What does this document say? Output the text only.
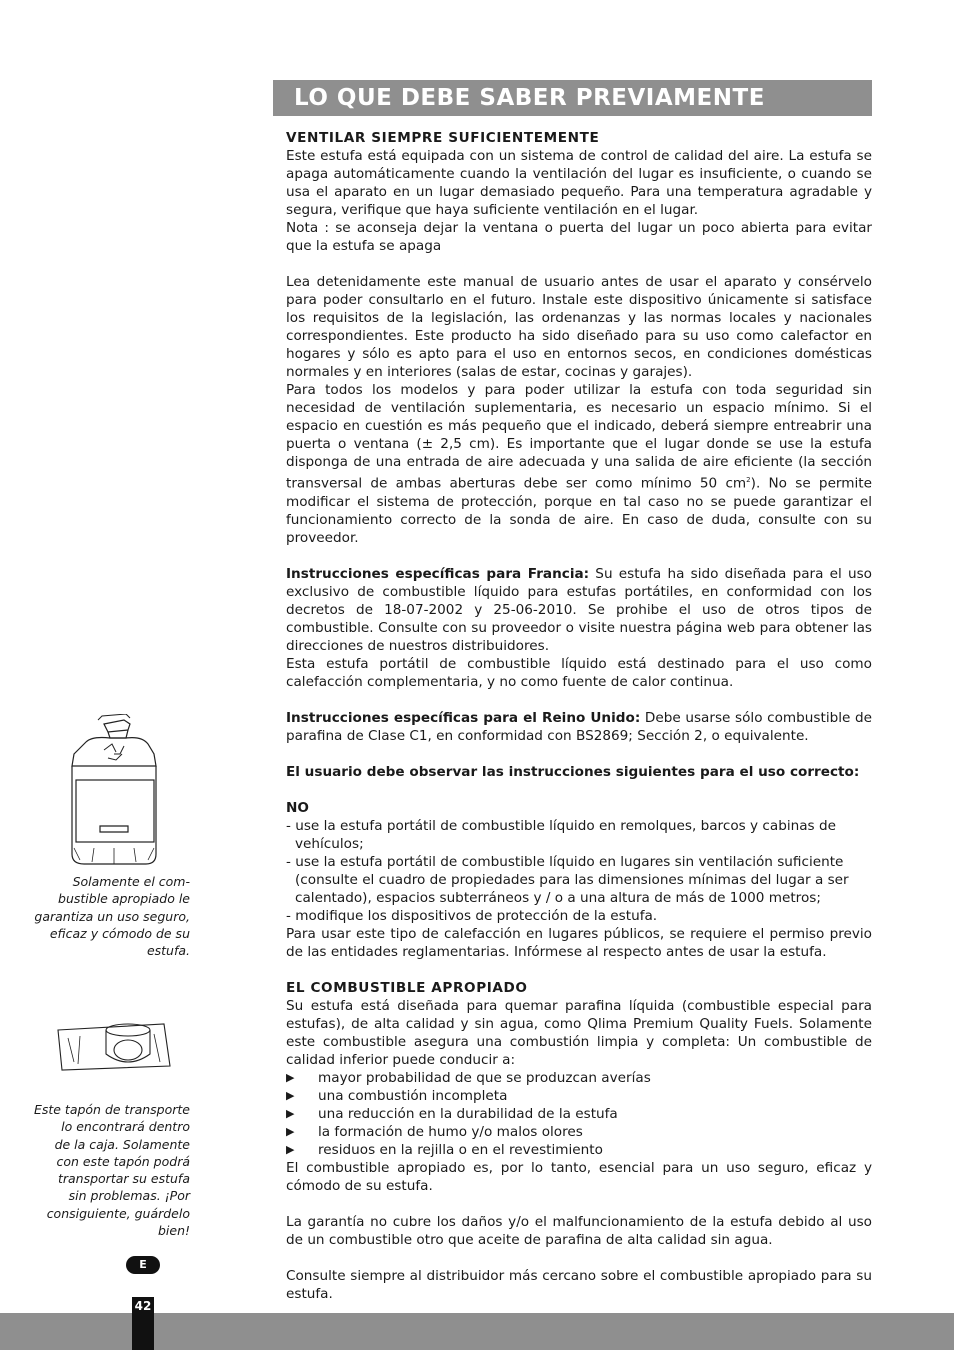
LO QUE DEBE SABER PREVIAMENTE
VENTILAR SIEMPRE SUFICIENTEMENTE

Este estufa está equipada con un sistema de control de calidad del aire. La estufa se apaga automáticamente cuando la ventilación del lugar es insuficiente, o cuando se usa el aparato en un lugar demasiado pequeño. Para una temperatura agradable y segura, verifique que haya suficiente ventilación en el lugar.

Nota : se aconseja dejar la ventana o puerta del lugar un poco abierta para evitar que la estufa se apaga

Lea detenidamente este manual de usuario antes de usar el aparato y consérvelo para poder consultarlo en el futuro. Instale este dispositivo únicamente si satisface los requisitos de la legislación, las ordenanzas y las normas locales y nacionales correspondientes. Este producto ha sido diseñado para su uso como calefactor en hogares y sólo es apto para el uso en entornos secos, en condiciones domésticas normales y en interiores (salas de estar, cocinas y garajes).

Para todos los modelos y para poder utilizar la estufa con toda seguridad sin necesidad de ventilación suplementaria, es necesario un espacio mínimo. Si el espacio en cuestión es más pequeño que el indicado, deberá siempre entreabrir una puerta o ventana (± 2,5 cm). Es importante que el lugar donde se use la estufa disponga de una entrada de aire adecuada y una salida de aire eficiente (la sección transversal de ambas aberturas debe ser como mínimo 50 $cm^2$). No se permite modificar el sistema de protección, porque en tal caso no se puede garantizar el funcionamiento correcto de la sonda de aire. En caso de duda, consulte con su proveedor.

Instrucciones específicas para Francia: Su estufa ha sido diseñada para el uso exclusivo de combustible líquido para estufas portátiles, en conformidad con los decretos de 18-07-2002 y 25-06-2010. Se prohibe el uso de otros tipos de combustible. Consulte con su proveedor o visite nuestra página web para obtener las direcciones de nuestros distribuidores.

Esta estufa portátil de combustible líquido está destinado para el uso como calefacción complementaria, y no como fuente de calor continua.

Instrucciones específicas para el Reino Unido: Debe usarse sólo combustible de parafina de Clase C1, en conformidad con BS2869; Sección 2, o equivalente.

El usuario debe observar las instrucciones siguientes para el uso correcto:

NO

- use la estufa portátil de combustible líquido en remolques, barcos y cabinas de vehículos;

- use la estufa portátil de combustible líquido en lugares sin ventilación suficiente (consulte el cuadro de propiedades para las dimensiones mínimas del lugar a ser calentado), espacios subterráneos y / o a una altura de más de 1000 metros;

- modifique los dispositivos de protección de la estufa.

Para usar este tipo de calefacción en lugares públicos, se requiere el permiso previo de las entidades reglamentarias. Infórmese al respecto antes de usar la estufa.

EL COMBUSTIBLE APROPIADO

Su estufa está diseñada para quemar parafina líquida (combustible especial para estufas), de alta calidad y sin agua, como Qlima Premium Quality Fuels. Solamente este combustible asegura una combustión limpia y completa: Un combustible de calidad inferior puede conducir a:

▶	mayor probabilidad de que se produzcan averías
▶	una combustión incompleta
▶	una reducción en la durabilidad de la estufa
▶	la formación de humo y/o malos olores
▶	residuos en la rejilla o en el revestimiento

El combustible apropiado es, por lo tanto, esencial para un uso seguro, eficaz y cómodo de su estufa.

La garantía no cubre los daños y/o el malfuncionamiento de la estufa debido al uso de un combustible otro que aceite de parafina de alta calidad sin agua.

Consulte siempre al distribuidor más cercano sobre el combustible apropiado para su estufa.

Solamente el com-
bustible apropiado le
garantiza un uso seguro,
eficaz y cómodo de su
estufa.
Este tapón de transporte
lo encontrará dentro
de la caja. Solamente
con este tapón podrá
transportar su estufa
sin problemas. ¡Por
consiguiente, guárdelo
bien!
E
42
